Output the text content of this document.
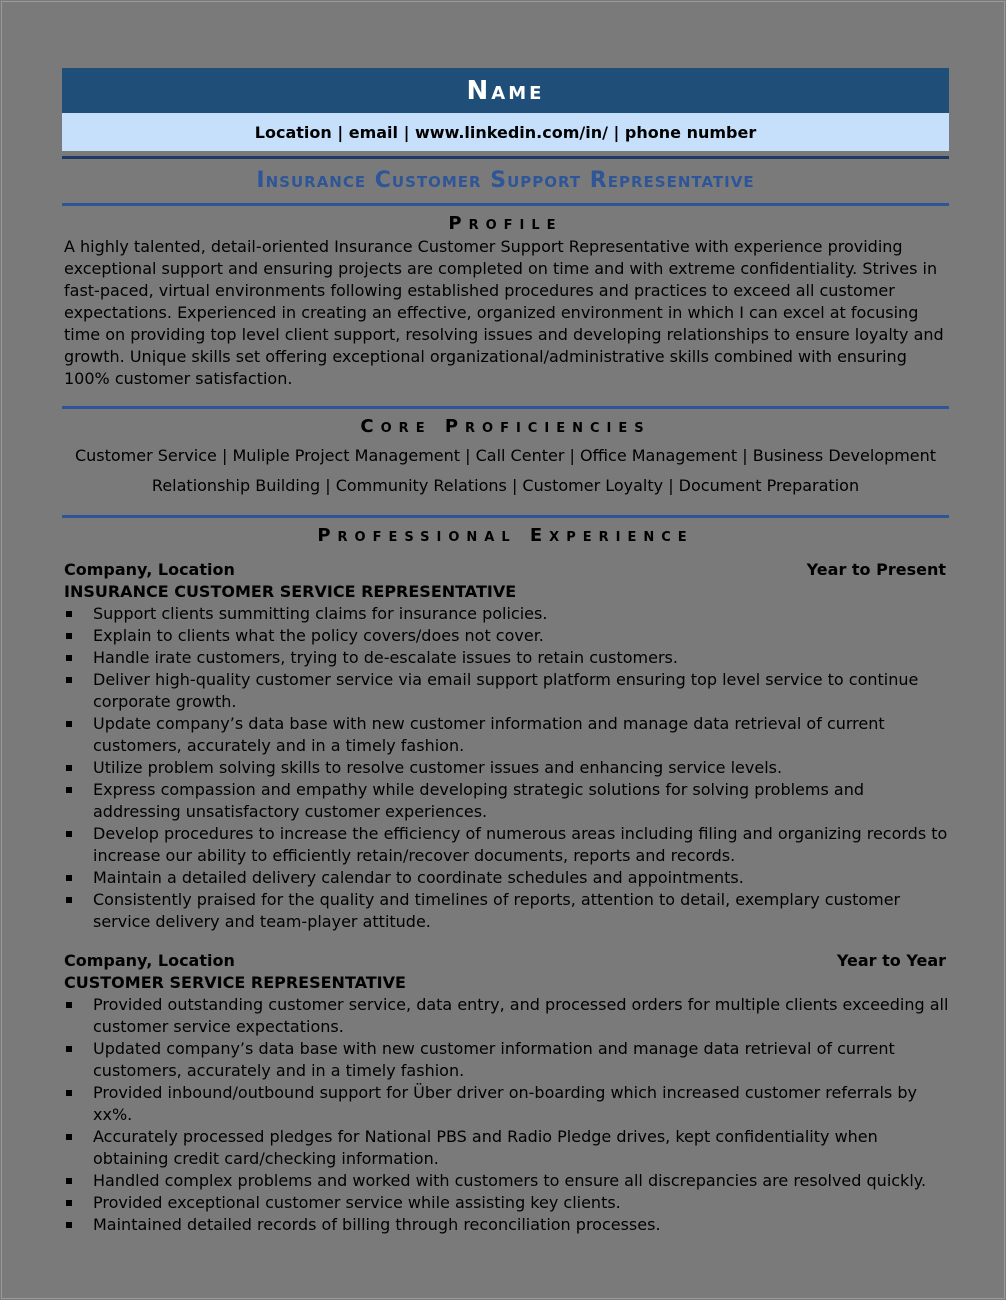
Name
Location | email | www.linkedin.com/in/ | phone number
Insurance Customer Support Representative
Profile

A highly talented, detail-oriented Insurance Customer Support Representative with experience providing exceptional support and ensuring projects are completed on time and with extreme confidentiality. Strives in fast-paced, virtual environments following established procedures and practices to exceed all customer expectations. Experienced in creating an effective, organized environment in which I can excel at focusing time on providing top level client support, resolving issues and developing relationships to ensure loyalty and growth. Unique skills set offering exceptional organizational/administrative skills combined with ensuring 100% customer satisfaction.

Core Proficiencies
Customer Service | Muliple Project Management | Call Center | Office Management | Business Development
Relationship Building | Community Relations | Customer Loyalty | Document Preparation
Professional Experience
Company, Location	Year to Present
INSURANCE CUSTOMER SERVICE REPRESENTATIVE
Support clients summitting claims for insurance policies.
Explain to clients what the policy covers/does not cover.
Handle irate customers, trying to de-escalate issues to retain customers.
Deliver high-quality customer service via email support platform ensuring top level service to continue corporate growth.
Update company’s data base with new customer information and manage data retrieval of current customers, accurately and in a timely fashion.
Utilize problem solving skills to resolve customer issues and enhancing service levels.
Express compassion and empathy while developing strategic solutions for solving problems and addressing unsatisfactory customer experiences.
Develop procedures to increase the efficiency of numerous areas including filing and organizing records to increase our ability to efficiently retain/recover documents, reports and records.
Maintain a detailed delivery calendar to coordinate schedules and appointments.
Consistently praised for the quality and timelines of reports, attention to detail, exemplary customer service delivery and team-player attitude.
Company, Location	Year to Year
CUSTOMER SERVICE REPRESENTATIVE
Provided outstanding customer service, data entry, and processed orders for multiple clients exceeding all customer service expectations.
Updated company’s data base with new customer information and manage data retrieval of current customers, accurately and in a timely fashion.
Provided inbound/outbound support for Über driver on-boarding which increased customer referrals by xx%.
Accurately processed pledges for National PBS and Radio Pledge drives, kept confidentiality when obtaining credit card/checking information.
Handled complex problems and worked with customers to ensure all discrepancies are resolved quickly.
Provided exceptional customer service while assisting key clients.
Maintained detailed records of billing through reconciliation processes.
